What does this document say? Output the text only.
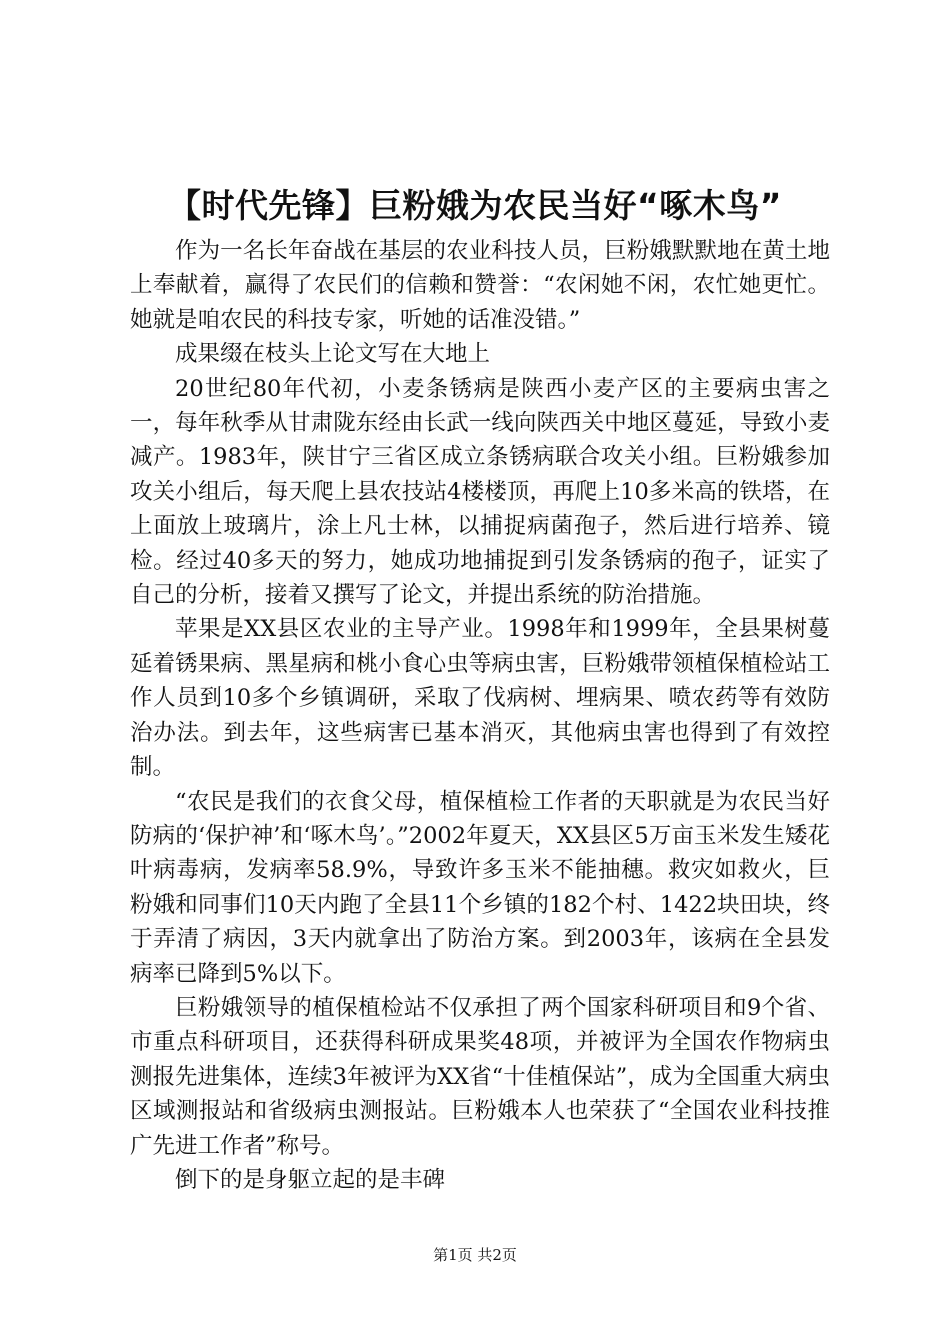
【时代先锋】巨粉娥为农民当好“啄木鸟”

作为一名长年奋战在基层的农业科技人员，巨粉娥默默地在黄土地上奉献着，赢得了农民们的信赖和赞誉：“农闲她不闲，农忙她更忙。她就是咱农民的科技专家，听她的话准没错。”

成果缀在枝头上论文写在大地上

20世纪80年代初，小麦条锈病是陕西小麦产区的主要病虫害之一，每年秋季从甘肃陇东经由长武一线向陕西关中地区蔓延，导致小麦减产。1983年，陕甘宁三省区成立条锈病联合攻关小组。巨粉娥参加攻关小组后，每天爬上县农技站4楼楼顶，再爬上10多米高的铁塔，在上面放上玻璃片，涂上凡士林，以捕捉病菌孢子，然后进行培养、镜检。经过40多天的努力，她成功地捕捉到引发条锈病的孢子，证实了自己的分析，接着又撰写了论文，并提出系统的防治措施。

苹果是XX县区农业的主导产业。1998年和1999年，全县果树蔓延着锈果病、黑星病和桃小食心虫等病虫害，巨粉娥带领植保植检站工作人员到10多个乡镇调研，采取了伐病树、埋病果、喷农药等有效防治办法。到去年，这些病害已基本消灭，其他病虫害也得到了有效控制。

“农民是我们的衣食父母，植保植检工作者的天职就是为农民当好防病的‘保护神’和‘啄木鸟’。”2002年夏天，XX县区5万亩玉米发生矮花叶病毒病，发病率58.9%，导致许多玉米不能抽穗。救灾如救火，巨粉娥和同事们10天内跑了全县11个乡镇的182个村、1422块田块，终于弄清了病因，3天内就拿出了防治方案。到2003年，该病在全县发病率已降到5%以下。

巨粉娥领导的植保植检站不仅承担了两个国家科研项目和9个省、市重点科研项目，还获得科研成果奖48项，并被评为全国农作物病虫测报先进集体，连续3年被评为XX省“十佳植保站”，成为全国重大病虫区域测报站和省级病虫测报站。巨粉娥本人也荣获了“全国农业科技推广先进工作者”称号。

倒下的是身躯立起的是丰碑

第1页 共2页
